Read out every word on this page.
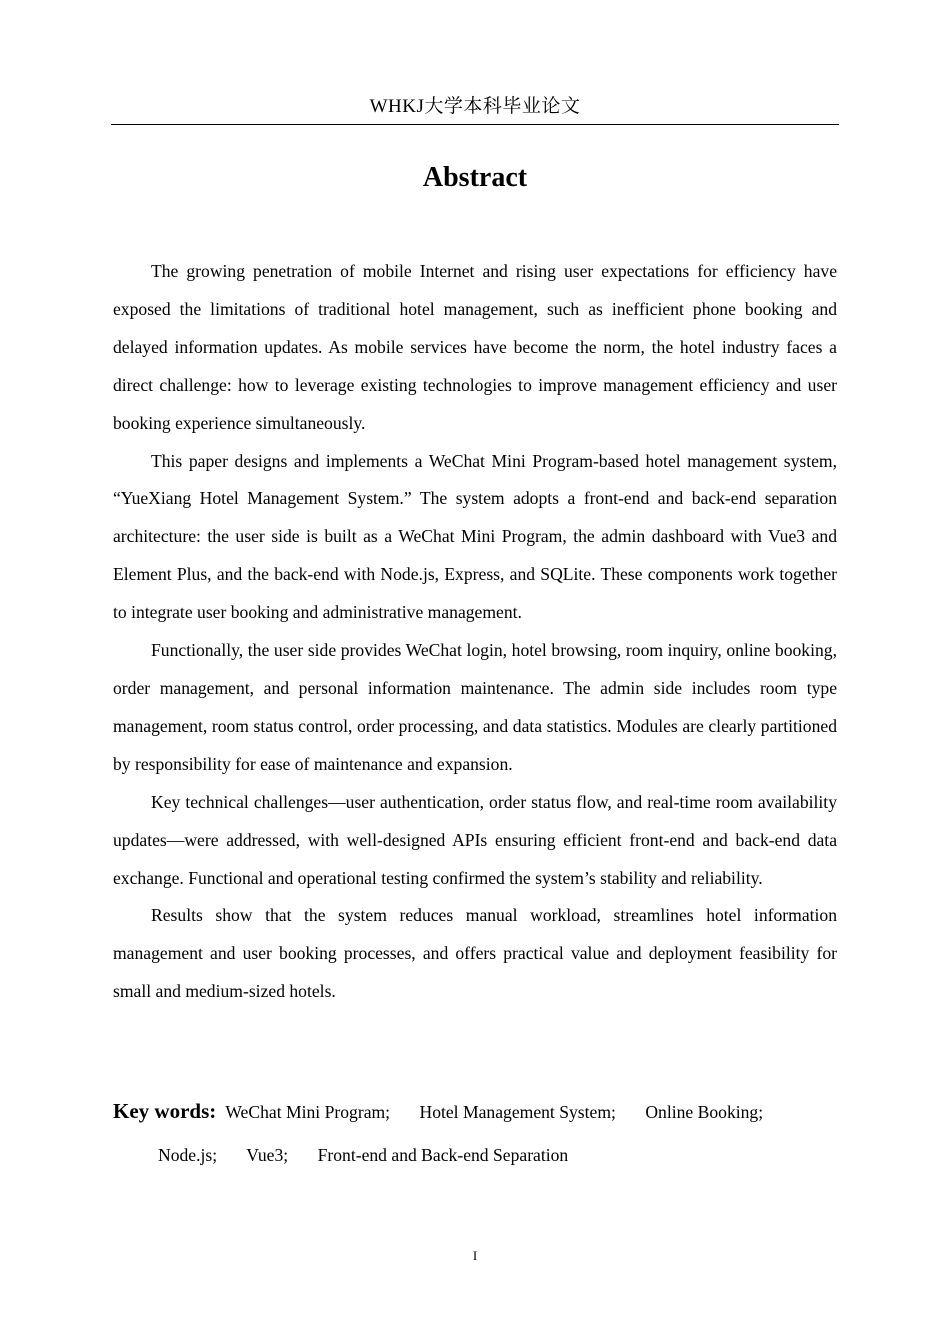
WHKJ大学本科毕业论文
Abstract

The growing penetration of mobile Internet and rising user expectations for efficiency have exposed the limitations of traditional hotel management, such as inefficient phone booking and delayed information updates. As mobile services have become the norm, the hotel industry faces a direct challenge: how to leverage existing technologies to improve management efficiency and user booking experience simultaneously.

This paper designs and implements a WeChat Mini Program-based hotel management system, “YueXiang Hotel Management System.” The system adopts a front-end and back-end separation architecture: the user side is built as a WeChat Mini Program, the admin dashboard with Vue3 and Element Plus, and the back-end with Node.js, Express, and SQLite. These components work together to integrate user booking and administrative management.

Functionally, the user side provides WeChat login, hotel browsing, room inquiry, online booking, order management, and personal information maintenance. The admin side includes room type management, room status control, order processing, and data statistics. Modules are clearly partitioned by responsibility for ease of maintenance and expansion.

Key technical challenges—user authentication, order status flow, and real-time room availability updates—were addressed, with well-designed APIs ensuring efficient front-end and back-end data exchange. Functional and operational testing confirmed the system’s stability and reliability.

Results show that the system reduces manual workload, streamlines hotel information management and user booking processes, and offers practical value and deployment feasibility for small and medium-sized hotels.

Key words: WeChat Mini Program; Hotel Management System; Online Booking;
Node.js; Vue3; Front-end and Back-end Separation
I
